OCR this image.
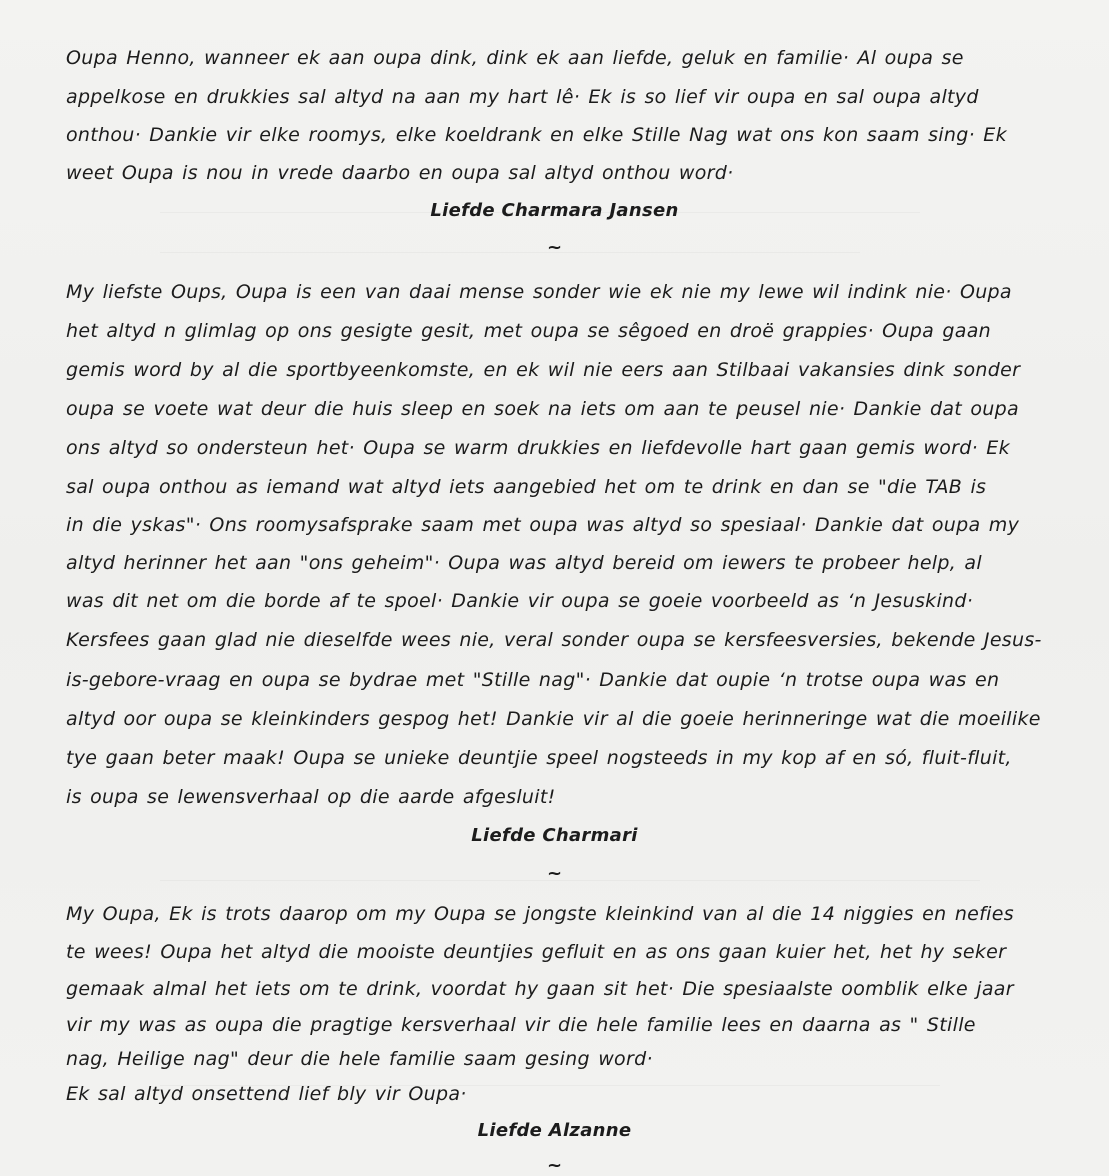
Oupa Henno, wanneer ek aan oupa dink, dink ek aan liefde, geluk en familie· Al oupa se
appelkose en drukkies sal altyd na aan my hart lê· Ek is so lief vir oupa en sal oupa altyd
onthou· Dankie vir elke roomys, elke koeldrank en elke Stille Nag wat ons kon saam sing· Ek
weet Oupa is nou in vrede daarbo en oupa sal altyd onthou word·
Liefde Charmara Jansen
~
My liefste Oups, Oupa is een van daai mense sonder wie ek nie my lewe wil indink nie· Oupa
het altyd n glimlag op ons gesigte gesit, met oupa se sêgoed en droë grappies· Oupa gaan
gemis word by al die sportbyeenkomste, en ek wil nie eers aan Stilbaai vakansies dink sonder
oupa se voete wat deur die huis sleep en soek na iets om aan te peusel nie· Dankie dat oupa
ons altyd so ondersteun het· Oupa se warm drukkies en liefdevolle hart gaan gemis word· Ek
sal oupa onthou as iemand wat altyd iets aangebied het om te drink en dan se "die TAB is
in die yskas"· Ons roomysafsprake saam met oupa was altyd so spesiaal· Dankie dat oupa my
altyd herinner het aan "ons geheim"· Oupa was altyd bereid om iewers te probeer help, al
was dit net om die borde af te spoel· Dankie vir oupa se goeie voorbeeld as ‘n Jesuskind·
Kersfees gaan glad nie dieselfde wees nie, veral sonder oupa se kersfeesversies, bekende Jesus-
is-gebore-vraag en oupa se bydrae met "Stille nag"· Dankie dat oupie ‘n trotse oupa was en
altyd oor oupa se kleinkinders gespog het! Dankie vir al die goeie herinneringe wat die moeilike
tye gaan beter maak! Oupa se unieke deuntjie speel nogsteeds in my kop af en só, fluit-fluit,
is oupa se lewensverhaal op die aarde afgesluit!
Liefde Charmari
~
My Oupa, Ek is trots daarop om my Oupa se jongste kleinkind van al die 14 niggies en nefies
te wees! Oupa het altyd die mooiste deuntjies gefluit en as ons gaan kuier het, het hy seker
gemaak almal het iets om te drink, voordat hy gaan sit het· Die spesiaalste oomblik elke jaar
vir my was as oupa die pragtige kersverhaal vir die hele familie lees en daarna as " Stille
nag, Heilige nag" deur die hele familie saam gesing word·
Ek sal altyd onsettend lief bly vir Oupa·
Liefde Alzanne
~
